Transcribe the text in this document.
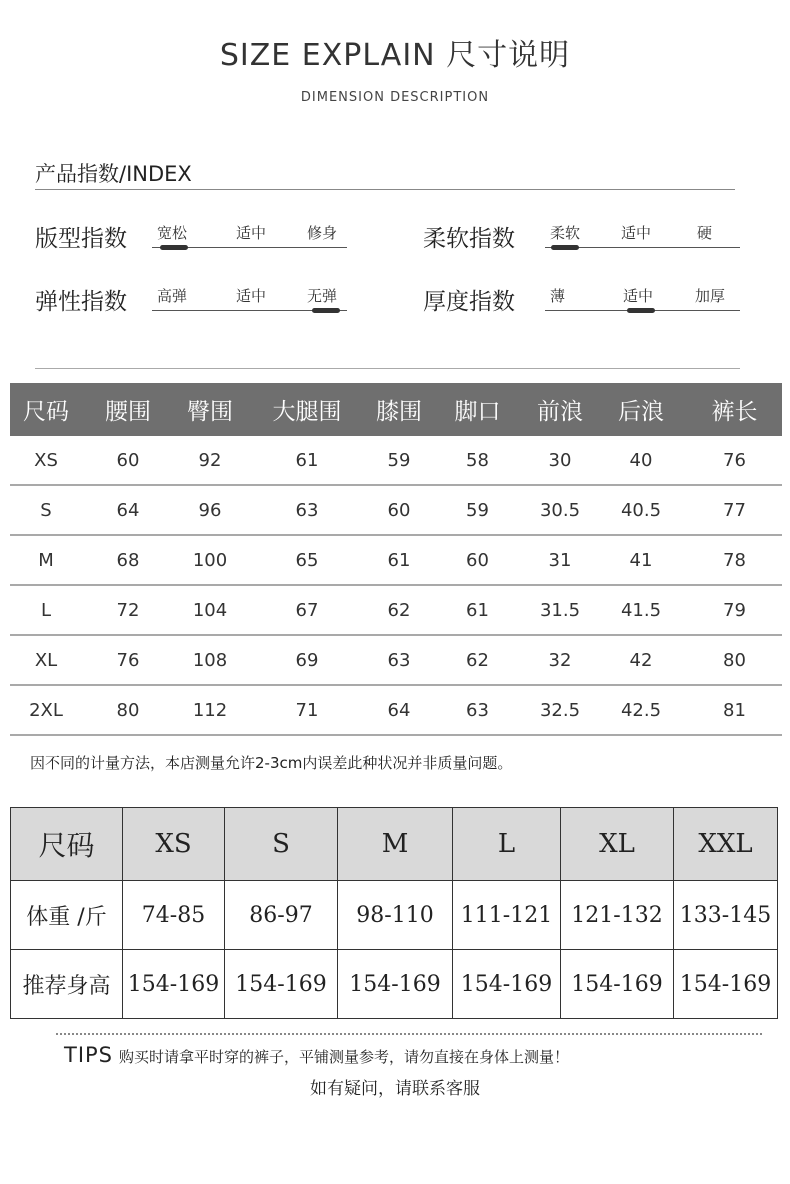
SIZE EXPLAIN 尺寸说明
DIMENSION DESCRIPTION
产品指数/INDEX
版型指数 宽松	适中	修身	柔软指数 柔软	适中	硬
弹性指数 高弹	适中	无弹	厚度指数 薄	适中	加厚
尺码	腰围	臀围	大腿围	膝围	脚口	前浪	后浪	裤长
XS	60	92	61	59	58	30	40	76
S	64	96	63	60	59	30.5	40.5	77
M	68	100	65	61	60	31	41	78
L	72	104	67	62	61	31.5	41.5	79
XL	76	108	69	63	62	32	42	80
2XL	80	112	71	64	63	32.5	42.5	81
因不同的计量方法，本店测量允许2-3cm内误差此种状况并非质量问题。
尺码	XS	S	M	L	XL	XXL
体重 /斤	74-85	86-97	98-110	111-121	121-132	133-145
推荐身高	154-169	154-169	154-169	154-169	154-169	154-169
TIPS 购买时请拿平时穿的裤子，平铺测量参考，请勿直接在身体上测量！
如有疑问，请联系客服
